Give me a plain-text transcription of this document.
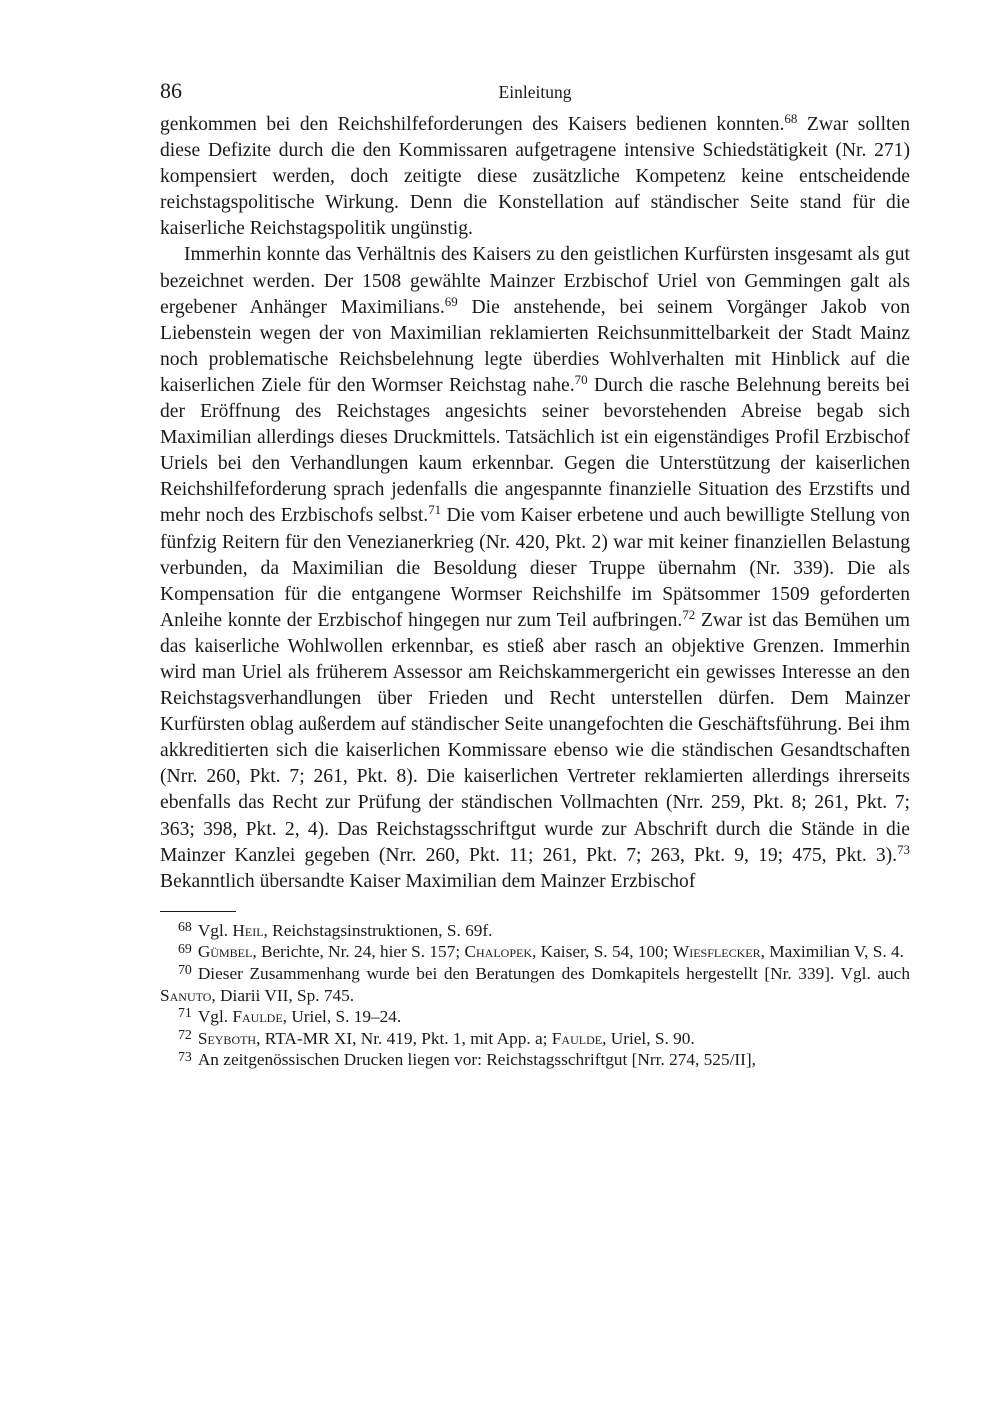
86	Einleitung

genkommen bei den Reichshilfeforderungen des Kaisers bedienen konnten.$^{68}$ Zwar sollten diese Defizite durch die den Kommissaren aufgetragene intensive Schiedstätigkeit (Nr. 271) kompensiert werden, doch zeitigte diese zusätzliche Kompetenz keine entscheidende reichstagspolitische Wirkung. Denn die Konstellation auf ständischer Seite stand für die kaiserliche Reichstagspolitik ungünstig.

Immerhin konnte das Verhältnis des Kaisers zu den geistlichen Kurfürsten insgesamt als gut bezeichnet werden. Der 1508 gewählte Mainzer Erzbischof Uriel von Gemmingen galt als ergebener Anhänger Maximilians.$^{69}$ Die anstehende, bei seinem Vorgänger Jakob von Liebenstein wegen der von Maximilian reklamierten Reichsunmittelbarkeit der Stadt Mainz noch problematische Reichsbelehnung legte überdies Wohlverhalten mit Hinblick auf die kaiserlichen Ziele für den Wormser Reichstag nahe.$^{70}$ Durch die rasche Belehnung bereits bei der Eröffnung des Reichstages angesichts seiner bevorstehenden Abreise begab sich Maximilian allerdings dieses Druckmittels. Tatsächlich ist ein eigenständiges Profil Erzbischof Uriels bei den Verhandlungen kaum erkennbar. Gegen die Unterstützung der kaiserlichen Reichshilfeforderung sprach jedenfalls die angespannte finanzielle Situation des Erzstifts und mehr noch des Erzbischofs selbst.$^{71}$ Die vom Kaiser erbetene und auch bewilligte Stellung von fünfzig Reitern für den Venezianerkrieg (Nr. 420, Pkt. 2) war mit keiner finanziellen Belastung verbunden, da Maximilian die Besoldung dieser Truppe übernahm (Nr. 339). Die als Kompensation für die entgangene Wormser Reichshilfe im Spätsommer 1509 geforderten Anleihe konnte der Erzbischof hingegen nur zum Teil aufbringen.$^{72}$ Zwar ist das Bemühen um das kaiserliche Wohlwollen erkennbar, es stieß aber rasch an objektive Grenzen. Immerhin wird man Uriel als früherem Assessor am Reichskammergericht ein gewisses Interesse an den Reichstagsverhandlungen über Frieden und Recht unterstellen dürfen. Dem Mainzer Kurfürsten oblag außerdem auf ständischer Seite unangefochten die Geschäftsführung. Bei ihm akkreditierten sich die kaiserlichen Kommissare ebenso wie die ständischen Gesandtschaften (Nrr. 260, Pkt. 7; 261, Pkt. 8). Die kaiserlichen Vertreter reklamierten allerdings ihrerseits ebenfalls das Recht zur Prüfung der ständischen Vollmachten (Nrr. 259, Pkt. 8; 261, Pkt. 7; 363; 398, Pkt. 2, 4). Das Reichstagsschriftgut wurde zur Abschrift durch die Stände in die Mainzer Kanzlei gegeben (Nrr. 260, Pkt. 11; 261, Pkt. 7; 263, Pkt. 9, 19; 475, Pkt. 3).$^{73}$ Bekanntlich übersandte Kaiser Maximilian dem Mainzer Erzbischof

$^{68}$ Vgl. Heil, Reichstagsinstruktionen, S. 69f.

$^{69}$ Gümbel, Berichte, Nr. 24, hier S. 157; Chalopek, Kaiser, S. 54, 100; Wiesflecker, Maximilian V, S. 4.

$^{70}$ Dieser Zusammenhang wurde bei den Beratungen des Domkapitels hergestellt [Nr. 339]. Vgl. auch Sanuto, Diarii VII, Sp. 745.

$^{71}$ Vgl. Faulde, Uriel, S. 19–24.

$^{72}$ Seyboth, RTA-MR XI, Nr. 419, Pkt. 1, mit App. a; Faulde, Uriel, S. 90.

$^{73}$ An zeitgenössischen Drucken liegen vor: Reichstagsschriftgut [Nrr. 274, 525/II],
